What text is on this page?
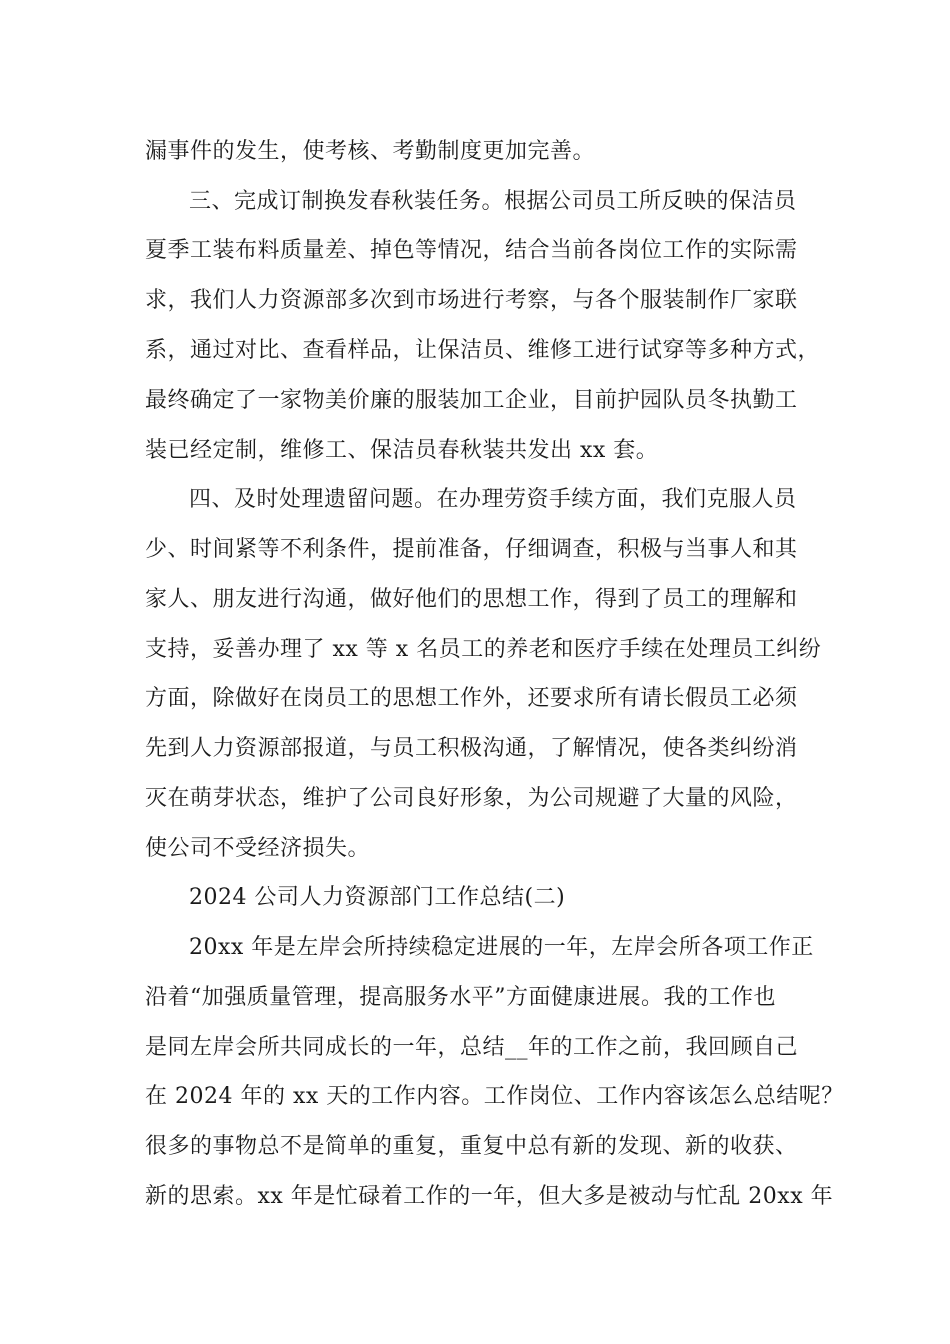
漏事件的发生，使考核、考勤制度更加完善。
三、完成订制换发春秋装任务。根据公司员工所反映的保洁员
夏季工装布料质量差、掉色等情况，结合当前各岗位工作的实际需
求，我们人力资源部多次到市场进行考察，与各个服装制作厂家联
系，通过对比、查看样品，让保洁员、维修工进行试穿等多种方式，
最终确定了一家物美价廉的服装加工企业，目前护园队员冬执勤工
装已经定制，维修工、保洁员春秋装共发出 xx 套。
四、及时处理遗留问题。在办理劳资手续方面，我们克服人员
少、时间紧等不利条件，提前准备，仔细调查，积极与当事人和其
家人、朋友进行沟通，做好他们的思想工作，得到了员工的理解和
支持，妥善办理了 xx 等 x 名员工的养老和医疗手续在处理员工纠纷
方面，除做好在岗员工的思想工作外，还要求所有请长假员工必须
先到人力资源部报道，与员工积极沟通，了解情况，使各类纠纷消
灭在萌芽状态，维护了公司良好形象，为公司规避了大量的风险，
使公司不受经济损失。
2024 公司人力资源部门工作总结(二)
20xx 年是左岸会所持续稳定进展的一年，左岸会所各项工作正
沿着“加强质量管理，提高服务水平”方面健康进展。我的工作也
是同左岸会所共同成长的一年，总结__年的工作之前，我回顾自己
在 2024 年的 xx 天的工作内容。工作岗位、工作内容该怎么总结呢？
很多的事物总不是简单的重复，重复中总有新的发现、新的收获、
新的思索。xx 年是忙碌着工作的一年，但大多是被动与忙乱 20xx 年
